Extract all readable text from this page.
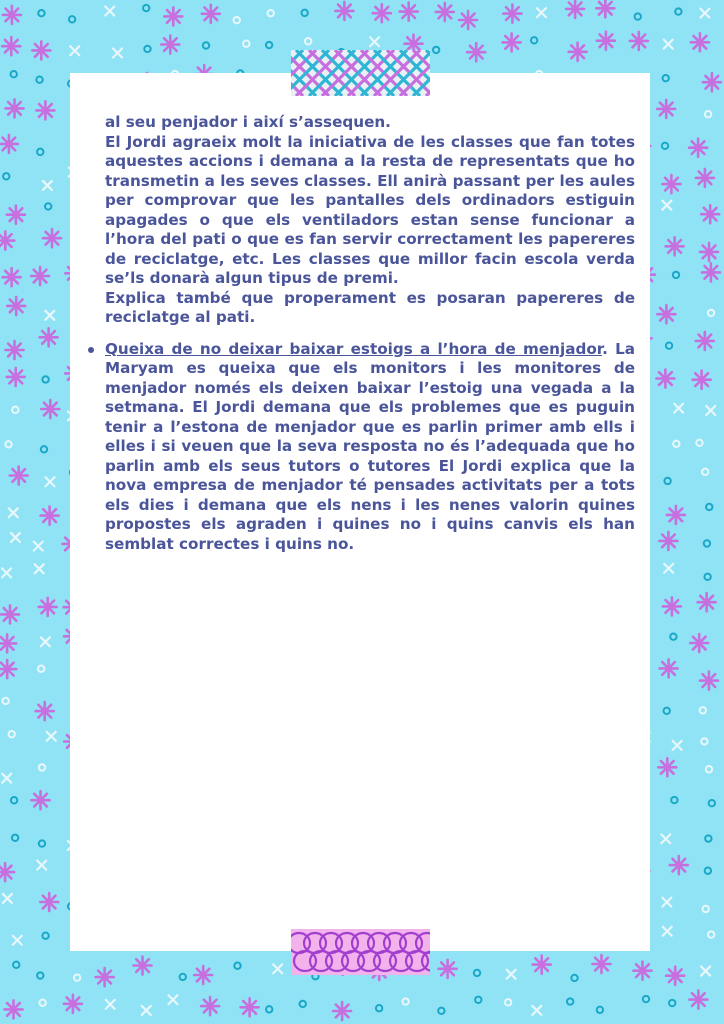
al seu penjador i així s’assequen.

El Jordi agraeix molt la iniciativa de les classes que fan totes aquestes accions i demana a la resta de representats que ho transmetin a les seves classes. Ell anirà passant per les aules per comprovar que les pantalles dels ordinadors estiguin apagades o que els ventiladors estan sense funcionar a l’hora del pati o que es fan servir correctament les papereres de reciclatge, etc. Les classes que millor facin escola verda se’ls donarà algun tipus de premi.

Explica també que properament es posaran papereres de reciclatge al pati.

Queixa de no deixar baixar estoigs a l’hora de menjador. La Maryam es queixa que els monitors i les monitores de menjador només els deixen baixar l’estoig una vegada a la setmana. El Jordi demana que els problemes que es puguin tenir a l’estona de menjador que es parlin primer amb ells i elles i si veuen que la seva resposta no és l’adequada que ho parlin amb els seus tutors o tutores El Jordi explica que la nova empresa de menjador té pensades activitats per a tots els dies i demana que els nens i les nenes valorin quines propostes els agraden i quines no i quins canvis els han semblat correctes i quins no.
